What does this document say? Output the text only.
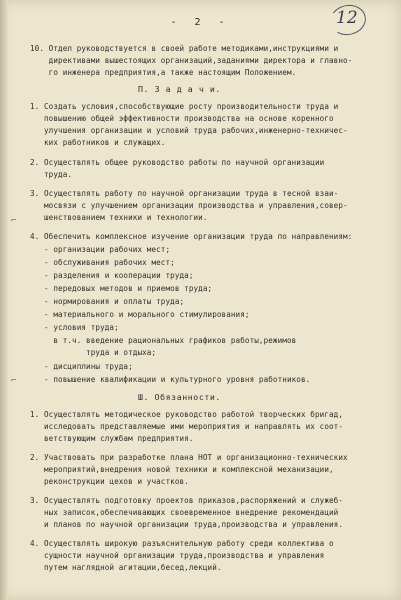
⌐
⌐
- 2 -	12
10. Отдел руководствуется в своей работе методиками,инструкциями и
директивами вышестоящих организаций,заданиями директора и главно-
го инженера предприятия,а также настоящим Положением.
П. З а д а ч и.
1. Создать условия,способствующие росту производительности труда и
повышению общей эффективности производства на основе коренного
улучшения организации и условий труда рабочих,инженерно-техничес-
ких работников и служащих.
2. Осуществлять общее руководство работы по научной организации
труда.
3. Осуществлять работу по научной организации труда в тесной взаи-
мосвязи с улучшением организации производства и управления,совер-
шенствованием техники и технологии.
4. Обеспечить комплексное изучение организации труда по направлениям:
- организации рабочих мест;
- обслуживания рабочих мест;
- разделения и кооперации труда;
- передовых методов и приемов труда;
- нормирования и оплаты труда;
- материального и морального стимулирования;
- условия труда;
в т.ч. введение рациональных графиков работы,режимов
труда и отдыха;
- дисциплины труда;
- повышение квалификации и культурного уровня работников.
Ш. Обязанности.
1. Осуществлять методическое руководство работой творческих бригад,
исследовать представляемые ими мероприятия и направлять их соот-
ветствующим службам предприятия.
2. Участвовать при разработке плана НОТ и организационно-технических
мероприятий,внедрения новой техники и комплексной механизации,
реконструкции цехов и участков.
3. Осуществлять подготовку проектов приказов,распоряжений и служеб-
ных записок,обеспечивающих своевременное внедрение рекомендаций
и планов по научной организации труда,производства и управления.
4. Осуществлять широкую разъяснительную работу среди коллектива о
сущности научной организации труда,производства и управления
путем наглядной агитации,бесед,лекций.
